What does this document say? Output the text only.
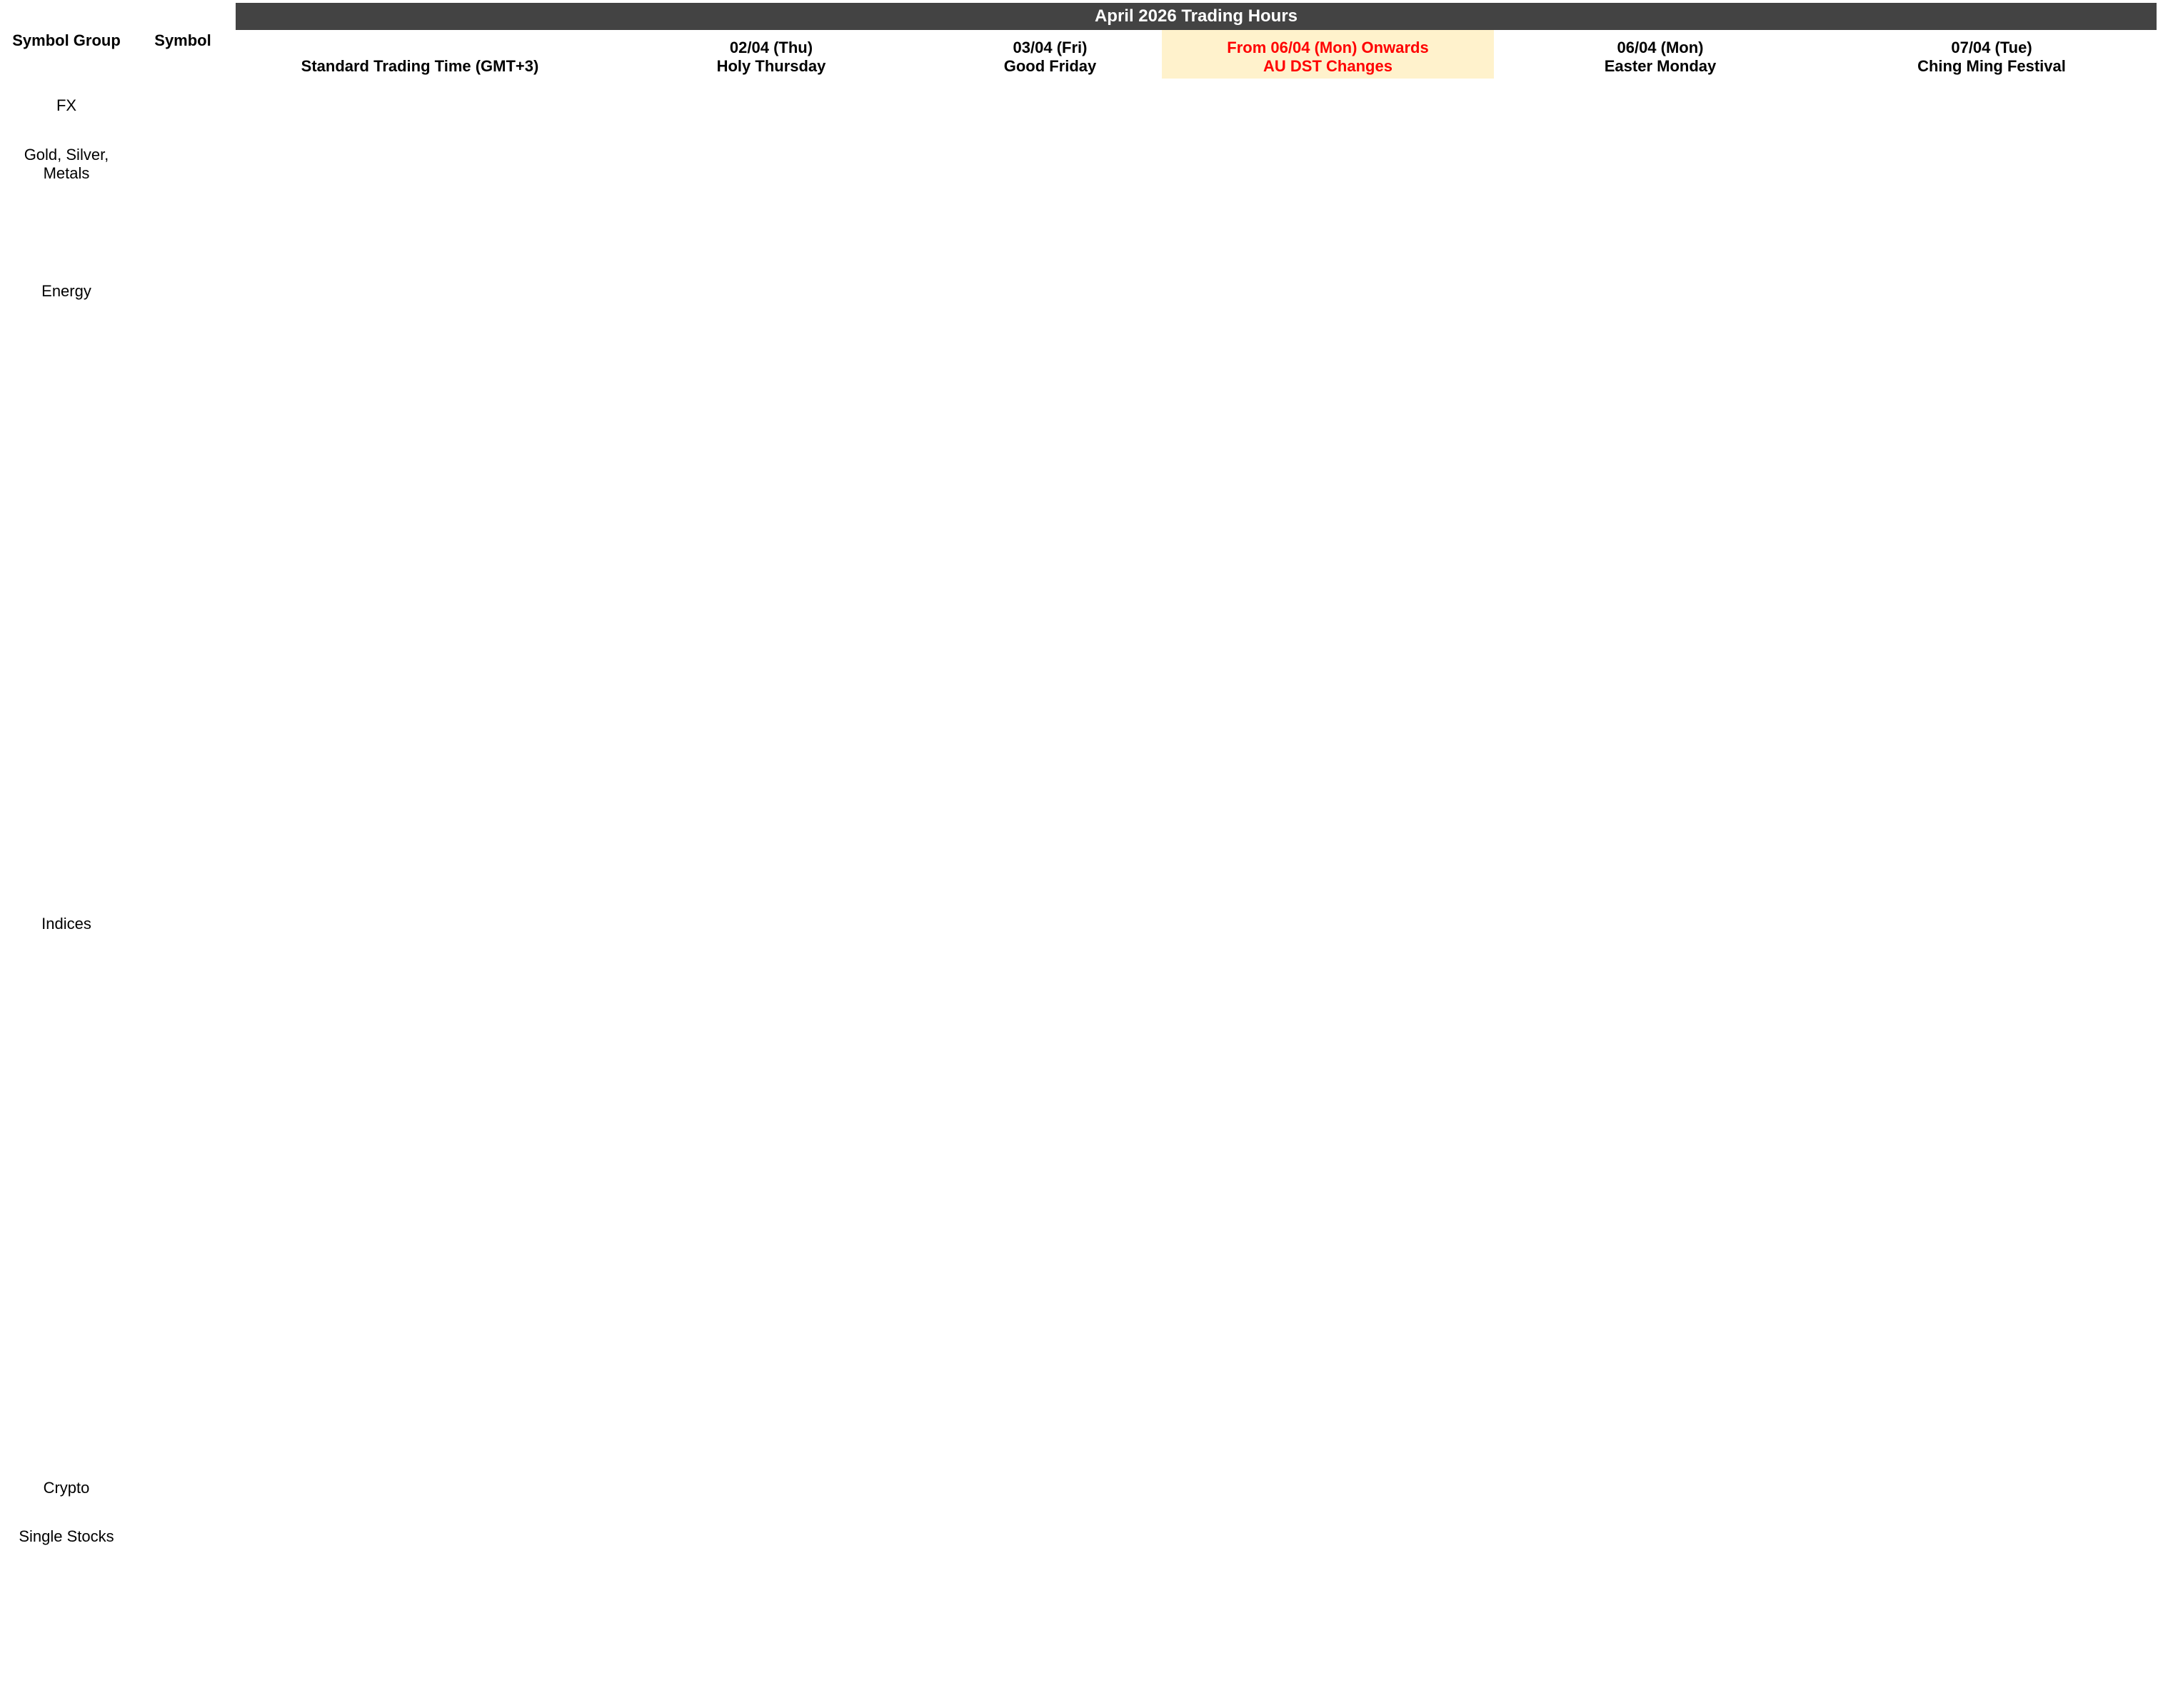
April 2026 Trading Hours
Symbol Group Symbol
Standard Trading Time (GMT+3)
02/04 (Thu)
Holy Thursday
03/04 (Fri)
Good Friday
From 06/04 (Mon) Onwards
AU DST Changes
06/04 (Mon)
Easter Monday
07/04 (Tue)
Ching Ming Festival
FX
Gold, Silver,
Metals
Energy
Indices
Crypto
Single Stocks
